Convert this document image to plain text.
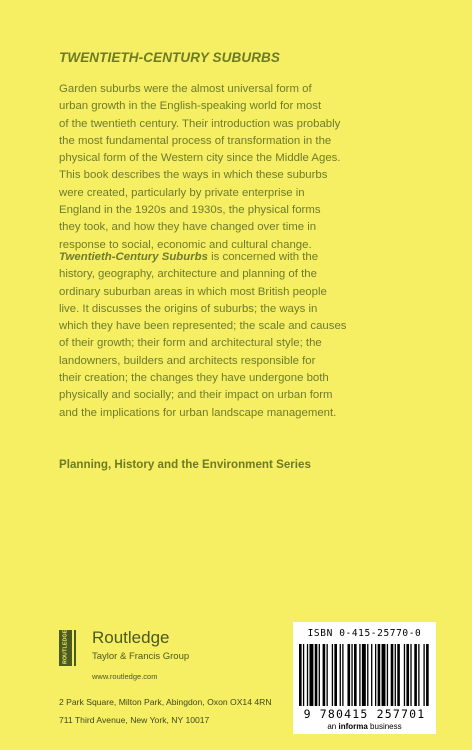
TWENTIETH-CENTURY SUBURBS
Garden suburbs were the almost universal form of
urban growth in the English-speaking world for most
of the twentieth century. Their introduction was probably
the most fundamental process of transformation in the
physical form of the Western city since the Middle Ages.
This book describes the ways in which these suburbs
were created, particularly by private enterprise in
England in the 1920s and 1930s, the physical forms
they took, and how they have changed over time in
response to social, economic and cultural change.
Twentieth-Century Suburbs is concerned with the
history, geography, architecture and planning of the
ordinary suburban areas in which most British people
live. It discusses the origins of suburbs; the ways in
which they have been represented; the scale and causes
of their growth; their form and architectural style; the
landowners, builders and architects responsible for
their creation; the changes they have undergone both
physically and socially; and their impact on urban form
and the implications for urban landscape management.
Planning, History and the Environment Series
ROUTLEDGE Routledge
Taylor & Francis Group
www.routledge.com
2 Park Square, Milton Park, Abingdon, Oxon OX14 4RN
711 Third Avenue, New York, NY 10017
ISBN 0-415-25770-0
9 780415 257701
an informa business
